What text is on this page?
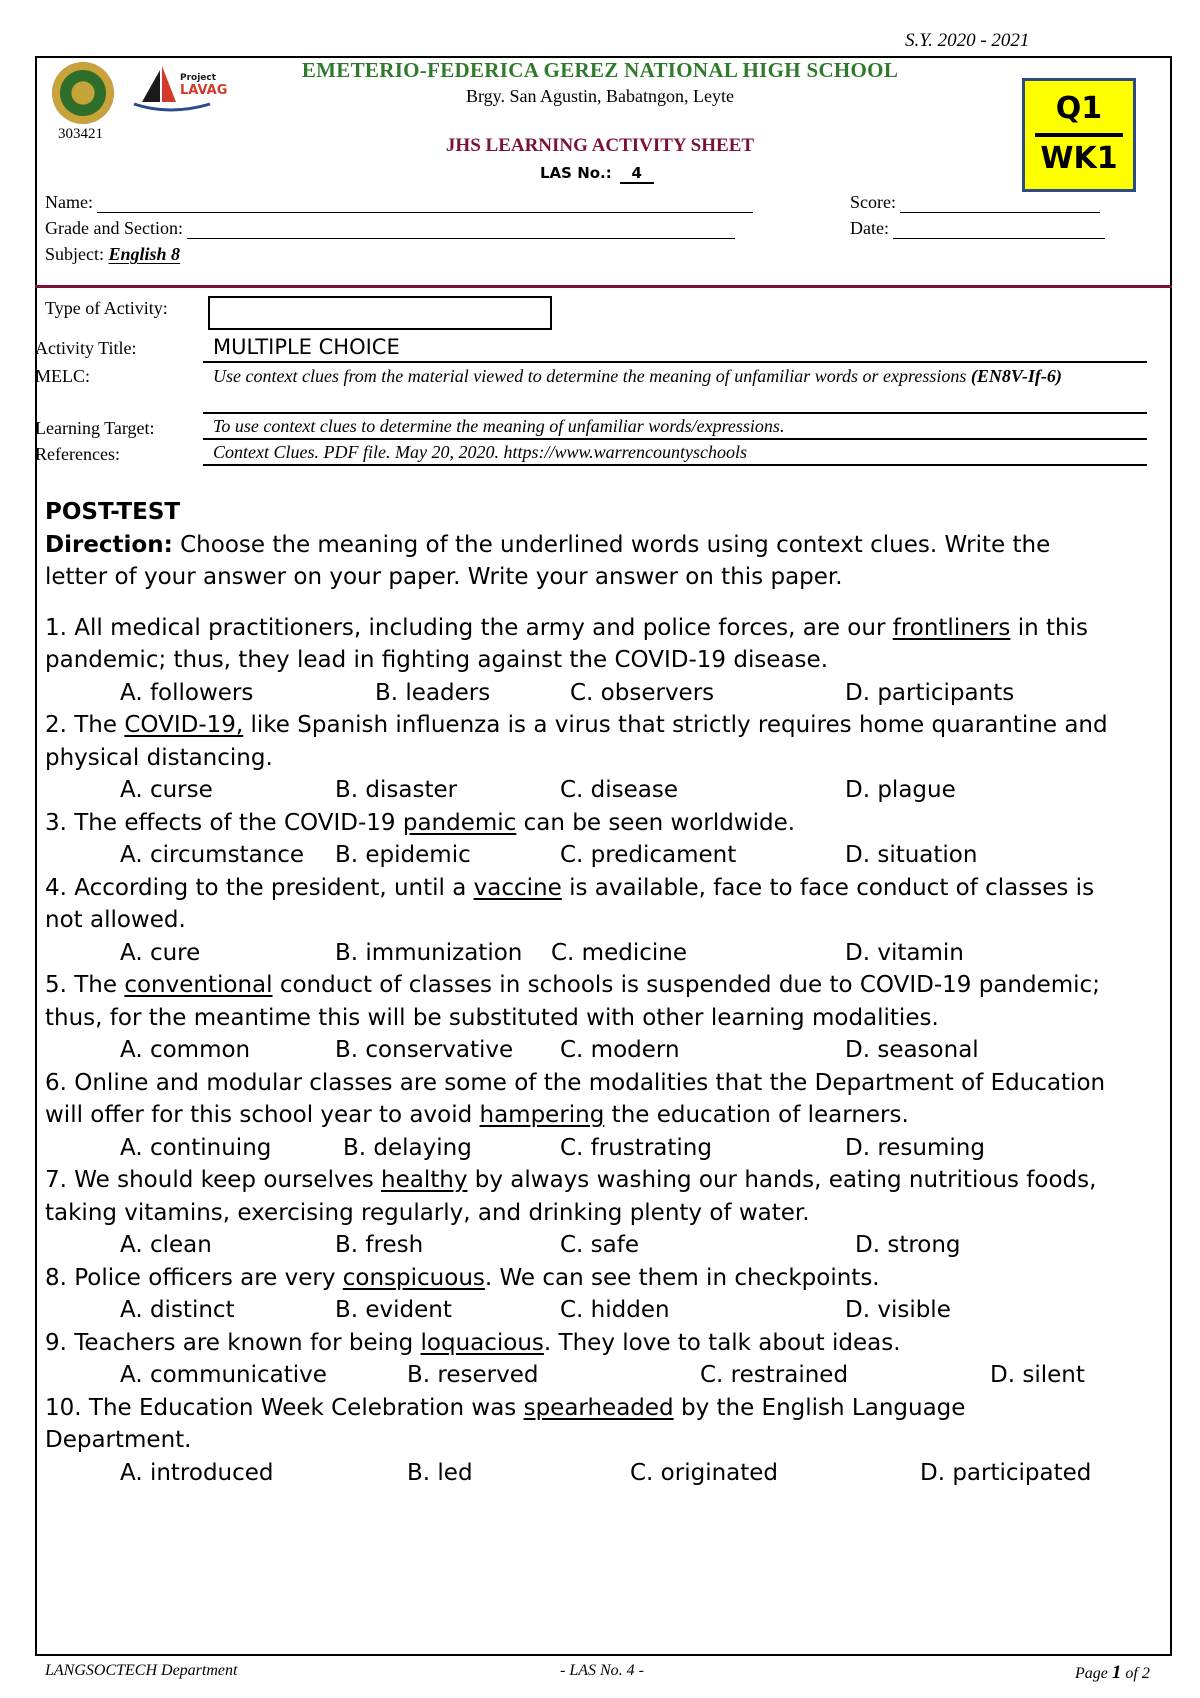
S.Y. 2020 - 2021
303421
Project
LAVAG
EMETERIO-FEDERICA GEREZ NATIONAL HIGH SCHOOL
Brgy. San Agustin, Babatngon, Leyte
JHS LEARNING ACTIVITY SHEET
LAS No.: 4
Q1
WK1
Name:
Grade and Section:
Subject: English 8
Score:
Date:
Type of Activity:
Activity Title:	MULTIPLE CHOICE
MELC:	Use context clues from the material viewed to determine the meaning of unfamiliar words or expressions (EN8V-If-6)
Learning Target:	To use context clues to determine the meaning of unfamiliar words/expressions.
References:	Context Clues. PDF file. May 20, 2020. https://www.warrencountyschools
POST-TEST
Direction: Choose the meaning of the underlined words using context clues. Write the
letter of your answer on your paper. Write your answer on this paper.
1. All medical practitioners, including the army and police forces, are our frontliners in this
pandemic; thus, they lead in fighting against the COVID-19 disease.
A. followers	B. leaders	C. observers	D. participants
2. The COVID-19, like Spanish influenza is a virus that strictly requires home quarantine and
physical distancing.
A. curse	B. disaster	C. disease	D. plague
3. The effects of the COVID-19 pandemic can be seen worldwide.
A. circumstance B. epidemic	C. predicament	D. situation
4. According to the president, until a vaccine is available, face to face conduct of classes is
not allowed.
A. cure	B. immunization C. medicine	D. vitamin
5. The conventional conduct of classes in schools is suspended due to COVID-19 pandemic;
thus, for the meantime this will be substituted with other learning modalities.
A. common	B. conservative C. modern	D. seasonal
6. Online and modular classes are some of the modalities that the Department of Education
will offer for this school year to avoid hampering the education of learners.
A. continuing	B. delaying	C. frustrating	D. resuming
7. We should keep ourselves healthy by always washing our hands, eating nutritious foods,
taking vitamins, exercising regularly, and drinking plenty of water.
A. clean	B. fresh	C. safe	D. strong
8. Police officers are very conspicuous. We can see them in checkpoints.
A. distinct	B. evident	C. hidden	D. visible
9. Teachers are known for being loquacious. They love to talk about ideas.
A. communicative	B. reserved	C. restrained	D. silent
10. The Education Week Celebration was spearheaded by the English Language
Department.
A. introduced	B. led	C. originated	D. participated
LANGSOCTECH Department	- LAS No. 4 -	Page 1 of 2
